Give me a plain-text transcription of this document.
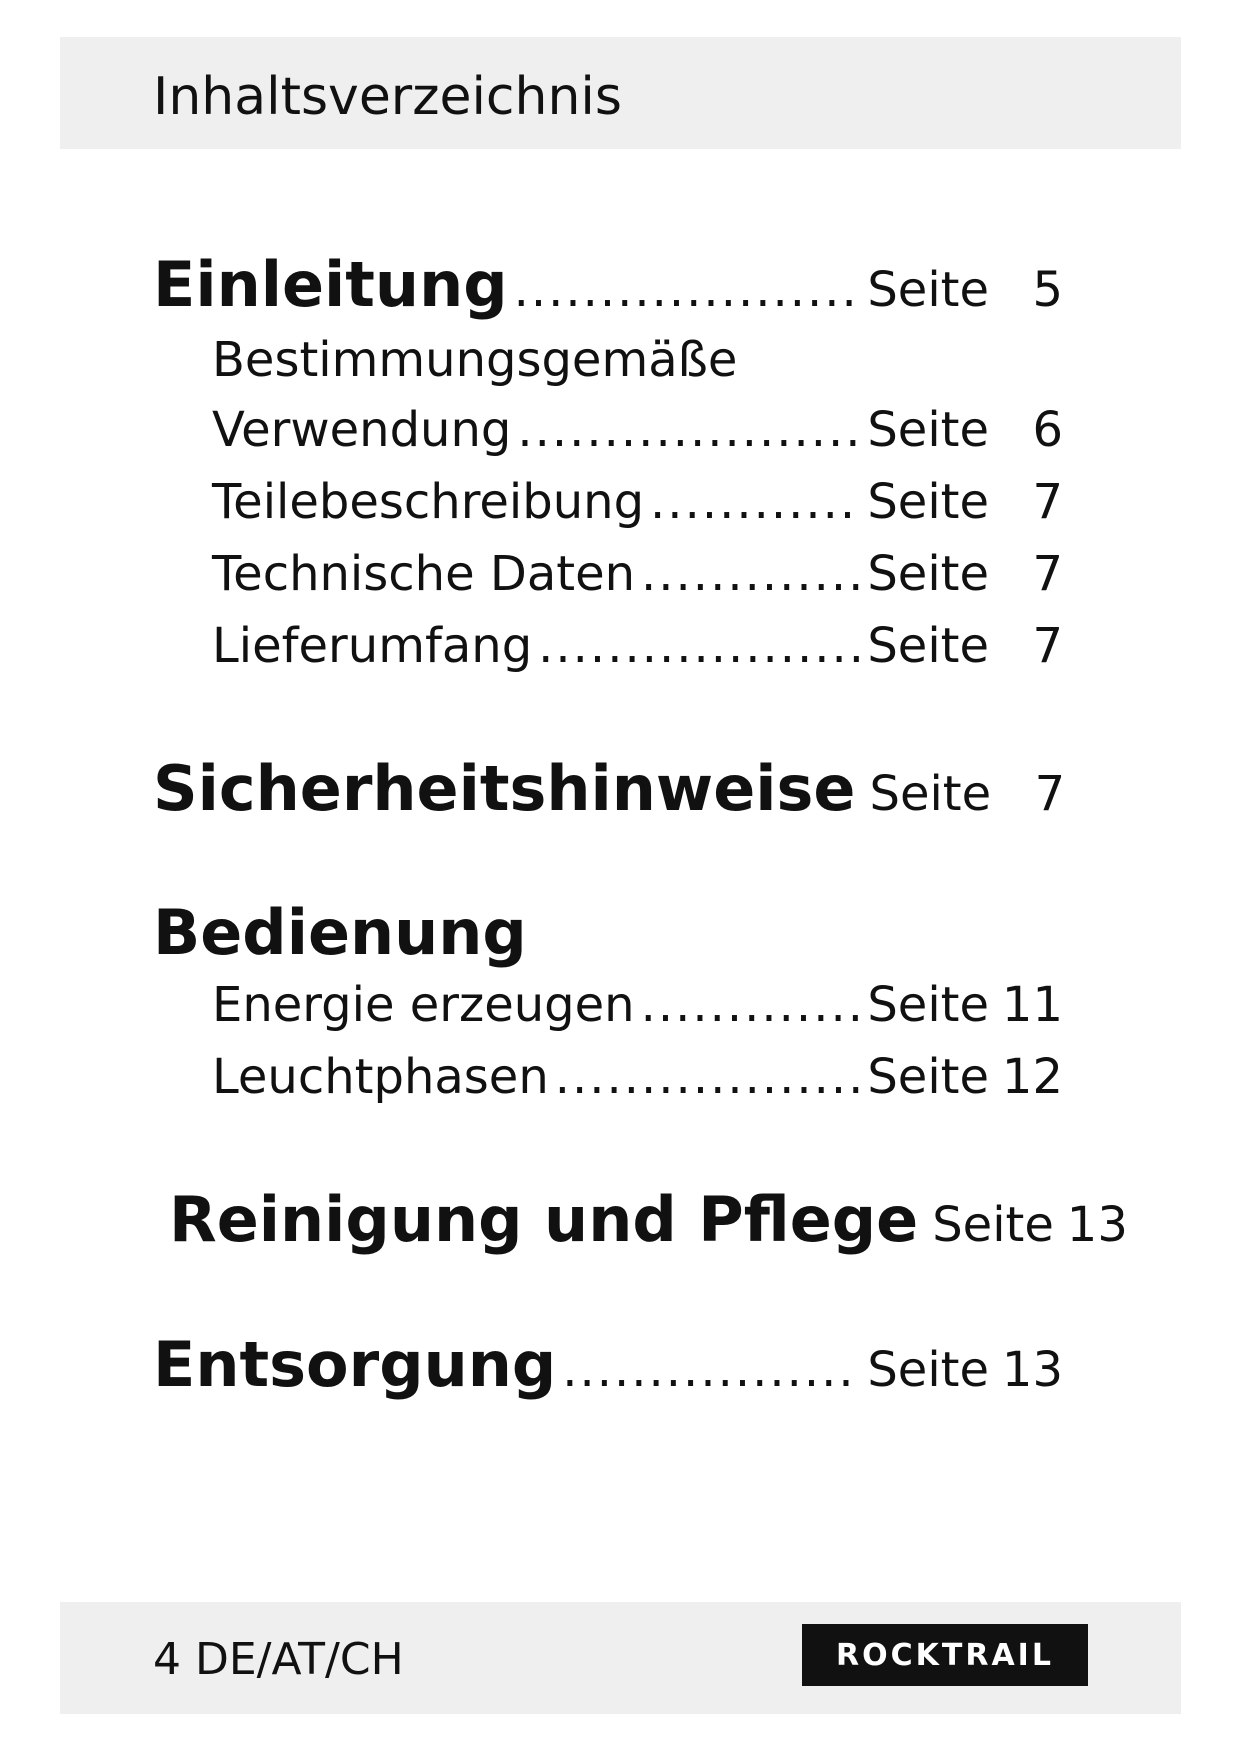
Inhaltsverzeichnis
Einleitung .....	Seite 5
Bestimmungsgemäße
Verwendung .....	Seite 6
Teilebeschreibung .....	Seite 7
Technische Daten .....	Seite 7
Lieferumfang .....	Seite 7
Sicherheitshinweise Seite 7
Bedienung
Energie erzeugen .....	Seite 11
Leuchtphasen .....	Seite 12
Reinigung und Pflege Seite 13
Entsorgung .....	Seite 13
4 DE/AT/CH	ROCKTRAIL
